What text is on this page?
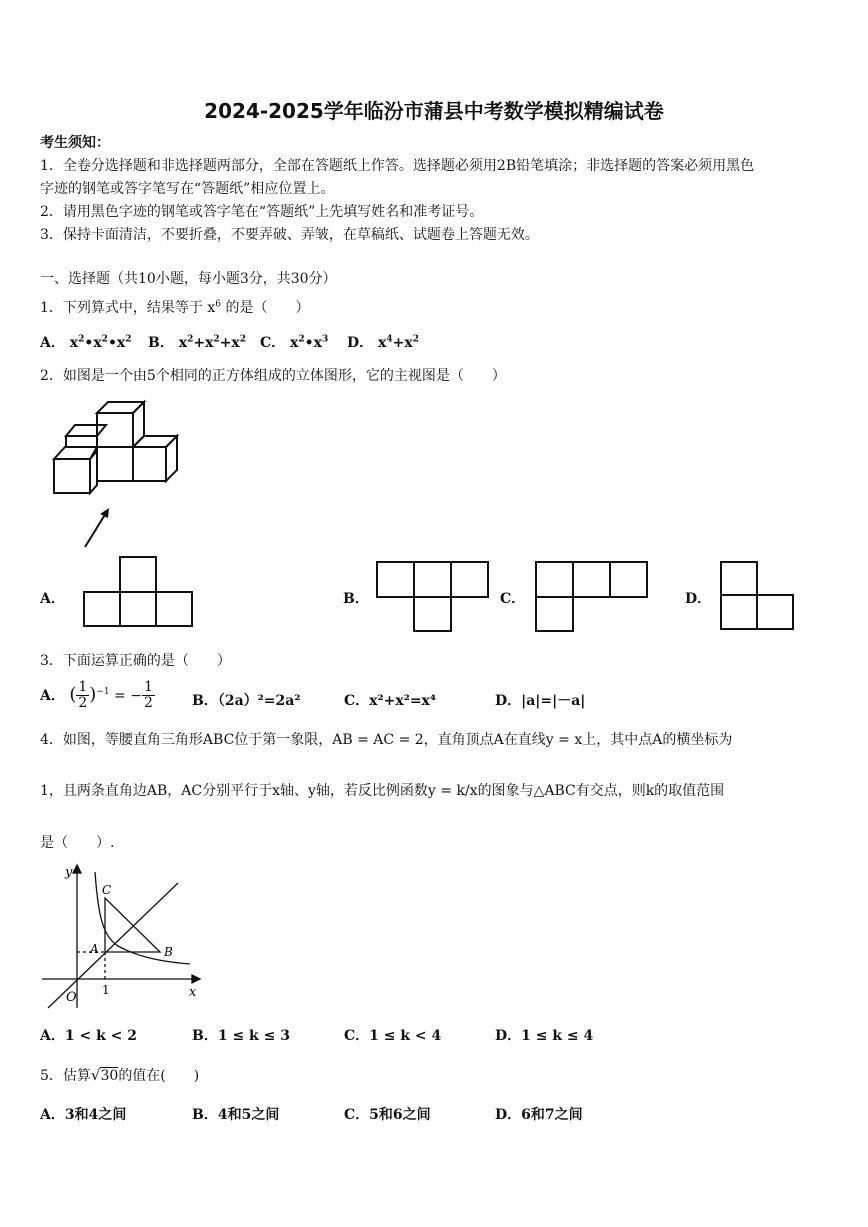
2024-2025学年临汾市蒲县中考数学模拟精编试卷
考生须知：
1．全卷分选择题和非选择题两部分，全部在答题纸上作答。选择题必须用2B铅笔填涂；非选择题的答案必须用黑色
字迹的钢笔或答字笔写在“答题纸”相应位置上。
2．请用黑色字迹的钢笔或答字笔在“答题纸”上先填写姓名和准考证号。
3．保持卡面清洁，不要折叠，不要弄破、弄皱，在草稿纸、试题卷上答题无效。
一、选择题（共10小题，每小题3分，共30分）
1．下列算式中，结果等于 $x^6$ 的是（　　）
A． $x^2•x^2•x^2$ B． $x^2+x^2+x^2$ C． $x^2•x^3$ D． $x^4+x^2$
2．如图是一个由5个相同的正方体组成的立体图形，它的主视图是（　　）
A．	B．	C．	D．
3．下面运算正确的是（　　）
A． ( $\frac{1}{2} )^{-1}$ = − $\frac{1}{2}$	B．（2a）²=2a²	C．x²+x²=x⁴	D．|a|=|－a|
4．如图，等腰直角三角形ABC位于第一象限，AB = AC = 2，直角顶点A在直线y = x上，其中点A的横坐标为
1，且两条直角边AB，AC分别平行于x轴、y轴，若反比例函数y = k/x的图象与△ABC有交点，则k的取值范围
是（　　）.
y
x
O
A	B
C
1
A．1 < k < 2	B．1 ≤ k ≤ 3	C．1 ≤ k < 4	D．1 ≤ k ≤ 4
5．估算√30的值在(　　)
A．3和4之间	B．4和5之间	C．5和6之间	D．6和7之间
